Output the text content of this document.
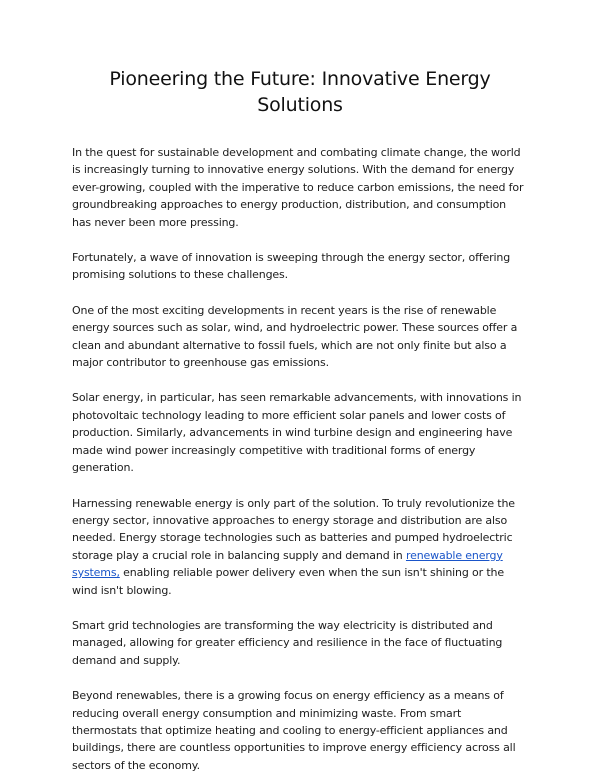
Pioneering the Future: Innovative Energy Solutions

In the quest for sustainable development and combating climate change, the world is increasingly turning to innovative energy solutions. With the demand for energy ever-growing, coupled with the imperative to reduce carbon emissions, the need for groundbreaking approaches to energy production, distribution, and consumption has never been more pressing.

Fortunately, a wave of innovation is sweeping through the energy sector, offering promising solutions to these challenges.

One of the most exciting developments in recent years is the rise of renewable energy sources such as solar, wind, and hydroelectric power. These sources offer a clean and abundant alternative to fossil fuels, which are not only finite but also a major contributor to greenhouse gas emissions.

Solar energy, in particular, has seen remarkable advancements, with innovations in photovoltaic technology leading to more efficient solar panels and lower costs of production. Similarly, advancements in wind turbine design and engineering have made wind power increasingly competitive with traditional forms of energy generation.

Harnessing renewable energy is only part of the solution. To truly revolutionize the energy sector, innovative approaches to energy storage and distribution are also needed. Energy storage technologies such as batteries and pumped hydroelectric storage play a crucial role in balancing supply and demand in renewable energy systems, enabling reliable power delivery even when the sun isn't shining or the wind isn't blowing.

Smart grid technologies are transforming the way electricity is distributed and managed, allowing for greater efficiency and resilience in the face of fluctuating demand and supply.

Beyond renewables, there is a growing focus on energy efficiency as a means of reducing overall energy consumption and minimizing waste. From smart thermostats that optimize heating and cooling to energy-efficient appliances and buildings, there are countless opportunities to improve energy efficiency across all sectors of the economy.
